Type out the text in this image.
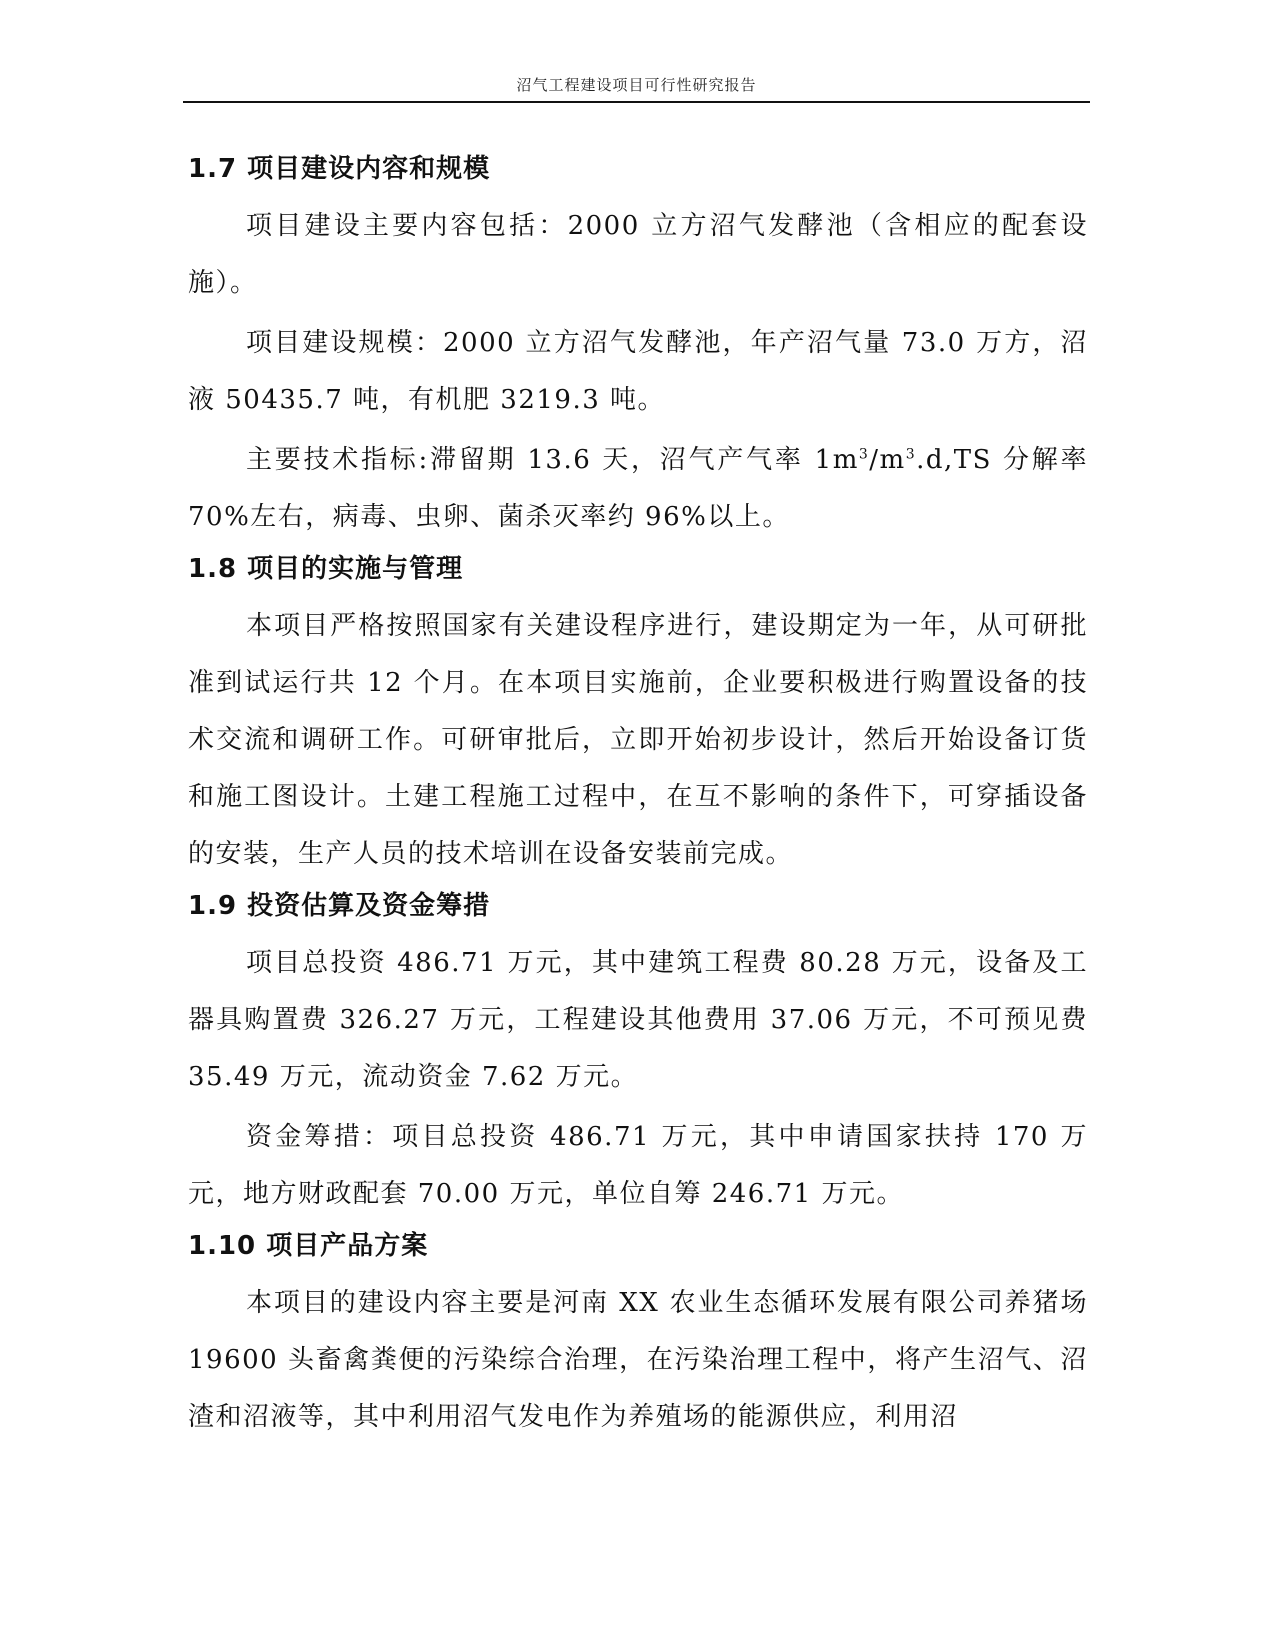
沼气工程建设项目可行性研究报告
1.7 项目建设内容和规模

项目建设主要内容包括：2000 立方沼气发酵池（含相应的配套设施）。

项目建设规模：2000 立方沼气发酵池，年产沼气量 73.0 万方，沼液 50435.7 吨，有机肥 3219.3 吨。

主要技术指标:滞留期 13.6 天，沼气产气率 $1m^3/m^3.d,TS$ 分解率 70%左右，病毒、虫卵、菌杀灭率约 96%以上。

1.8 项目的实施与管理

本项目严格按照国家有关建设程序进行，建设期定为一年，从可研批准到试运行共 12 个月。在本项目实施前，企业要积极进行购置设备的技术交流和调研工作。可研审批后，立即开始初步设计，然后开始设备订货和施工图设计。土建工程施工过程中，在互不影响的条件下，可穿插设备的安装，生产人员的技术培训在设备安装前完成。

1.9 投资估算及资金筹措

项目总投资 486.71 万元，其中建筑工程费 80.28 万元，设备及工器具购置费 326.27 万元，工程建设其他费用 37.06 万元，不可预见费 35.49 万元，流动资金 7.62 万元。

资金筹措：项目总投资 486.71 万元，其中申请国家扶持 170 万元，地方财政配套 70.00 万元，单位自筹 246.71 万元。

1.10 项目产品方案

本项目的建设内容主要是河南 XX 农业生态循环发展有限公司养猪场 19600 头畜禽粪便的污染综合治理，在污染治理工程中，将产生沼气、沼渣和沼液等，其中利用沼气发电作为养殖场的能源供应，利用沼
